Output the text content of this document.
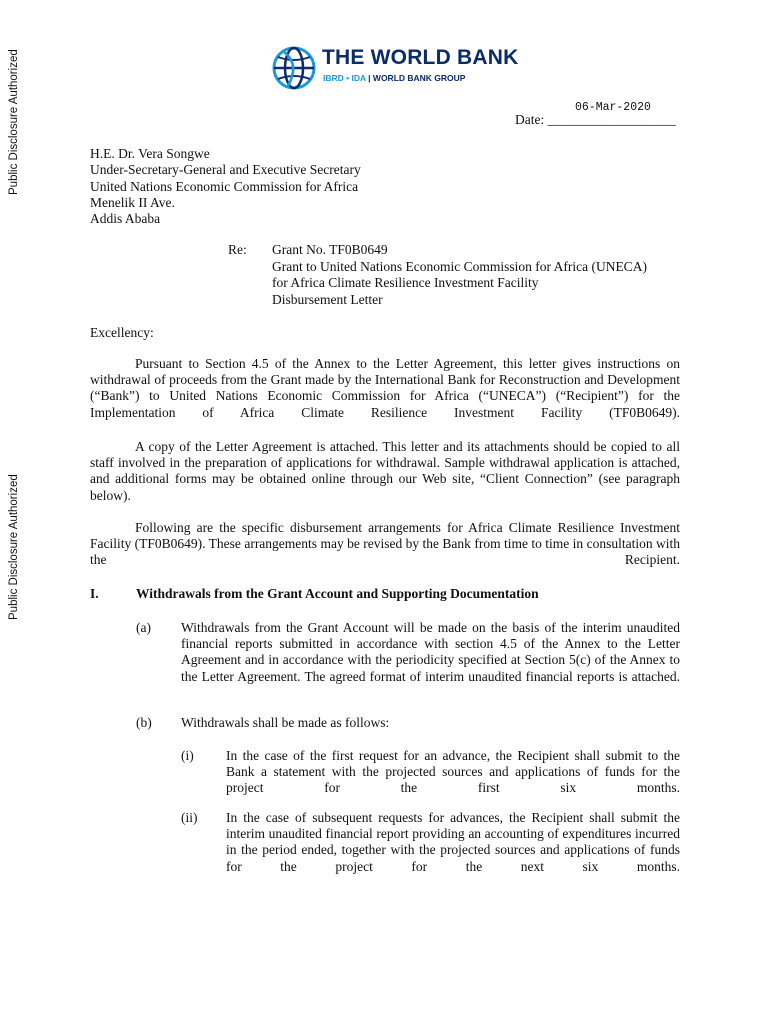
Public Disclosure Authorized
Public Disclosure Authorized
THE WORLD BANK
IBRD • IDA | WORLD BANK GROUP
06-Mar-2020
Date: ___________________
H.E. Dr. Vera Songwe
Under-Secretary-General and Executive Secretary
United Nations Economic Commission for Africa
Menelik II Ave.
Addis Ababa
Re: Grant No. TF0B0649
Grant to United Nations Economic Commission for Africa (UNECA)
for Africa Climate Resilience Investment Facility
Disbursement Letter
Excellency:
Pursuant to Section 4.5 of the Annex to the Letter Agreement, this letter gives instructions on withdrawal of proceeds from the Grant made by the International Bank for Reconstruction and Development (“Bank”) to United Nations Economic Commission for Africa (“UNECA”) (“Recipient”) for the Implementation of Africa Climate Resilience Investment Facility (TF0B0649).
A copy of the Letter Agreement is attached. This letter and its attachments should be copied to all staff involved in the preparation of applications for withdrawal. Sample withdrawal application is attached, and additional forms may be obtained online through our Web site, “Client Connection” (see paragraph below).
Following are the specific disbursement arrangements for Africa Climate Resilience Investment Facility (TF0B0649). These arrangements may be revised by the Bank from time to time in consultation with the Recipient.
I.	Withdrawals from the Grant Account and Supporting Documentation
(a) Withdrawals from the Grant Account will be made on the basis of the interim unaudited financial reports submitted in accordance with section 4.5 of the Annex to the Letter Agreement and in accordance with the periodicity specified at Section 5(c) of the Annex to the Letter Agreement. The agreed format of interim unaudited financial reports is attached.
(b) Withdrawals shall be made as follows:
(i) In the case of the first request for an advance, the Recipient shall submit to the Bank a statement with the projected sources and applications of funds for the project for the first six months.
(ii) In the case of subsequent requests for advances, the Recipient shall submit the interim unaudited financial report providing an accounting of expenditures incurred in the period ended, together with the projected sources and applications of funds for the project for the next six months.
